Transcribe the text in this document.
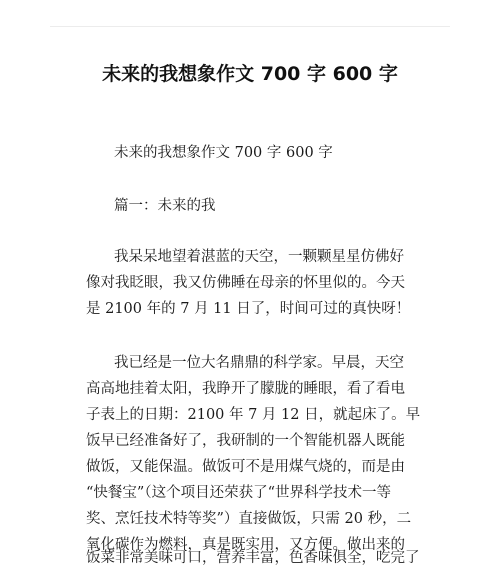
未来的我想象作文 700 字 600 字
未来的我想象作文 700 字 600 字
篇一：未来的我
我呆呆地望着湛蓝的天空，一颗颗星星仿佛好
像对我眨眼，我又仿佛睡在母亲的怀里似的。今天
是 2100 年的 7 月 11 日了，时间可过的真快呀！
我已经是一位大名鼎鼎的科学家。早晨，天空
高高地挂着太阳，我睁开了朦胧的睡眼，看了看电
子表上的日期：2100 年 7 月 12 日，就起床了。早
饭早已经准备好了，我研制的一个智能机器人既能
做饭，又能保温。做饭可不是用煤气烧的，而是由
“快餐宝”（这个项目还荣获了“世界科学技术一等
奖、烹饪技术特等奖”）直接做饭，只需 20 秒，二
氧化碳作为燃料，真是既实用，又方便。做出来的
饭菜非常美味可口，营养丰富，色香味俱全，吃完了
